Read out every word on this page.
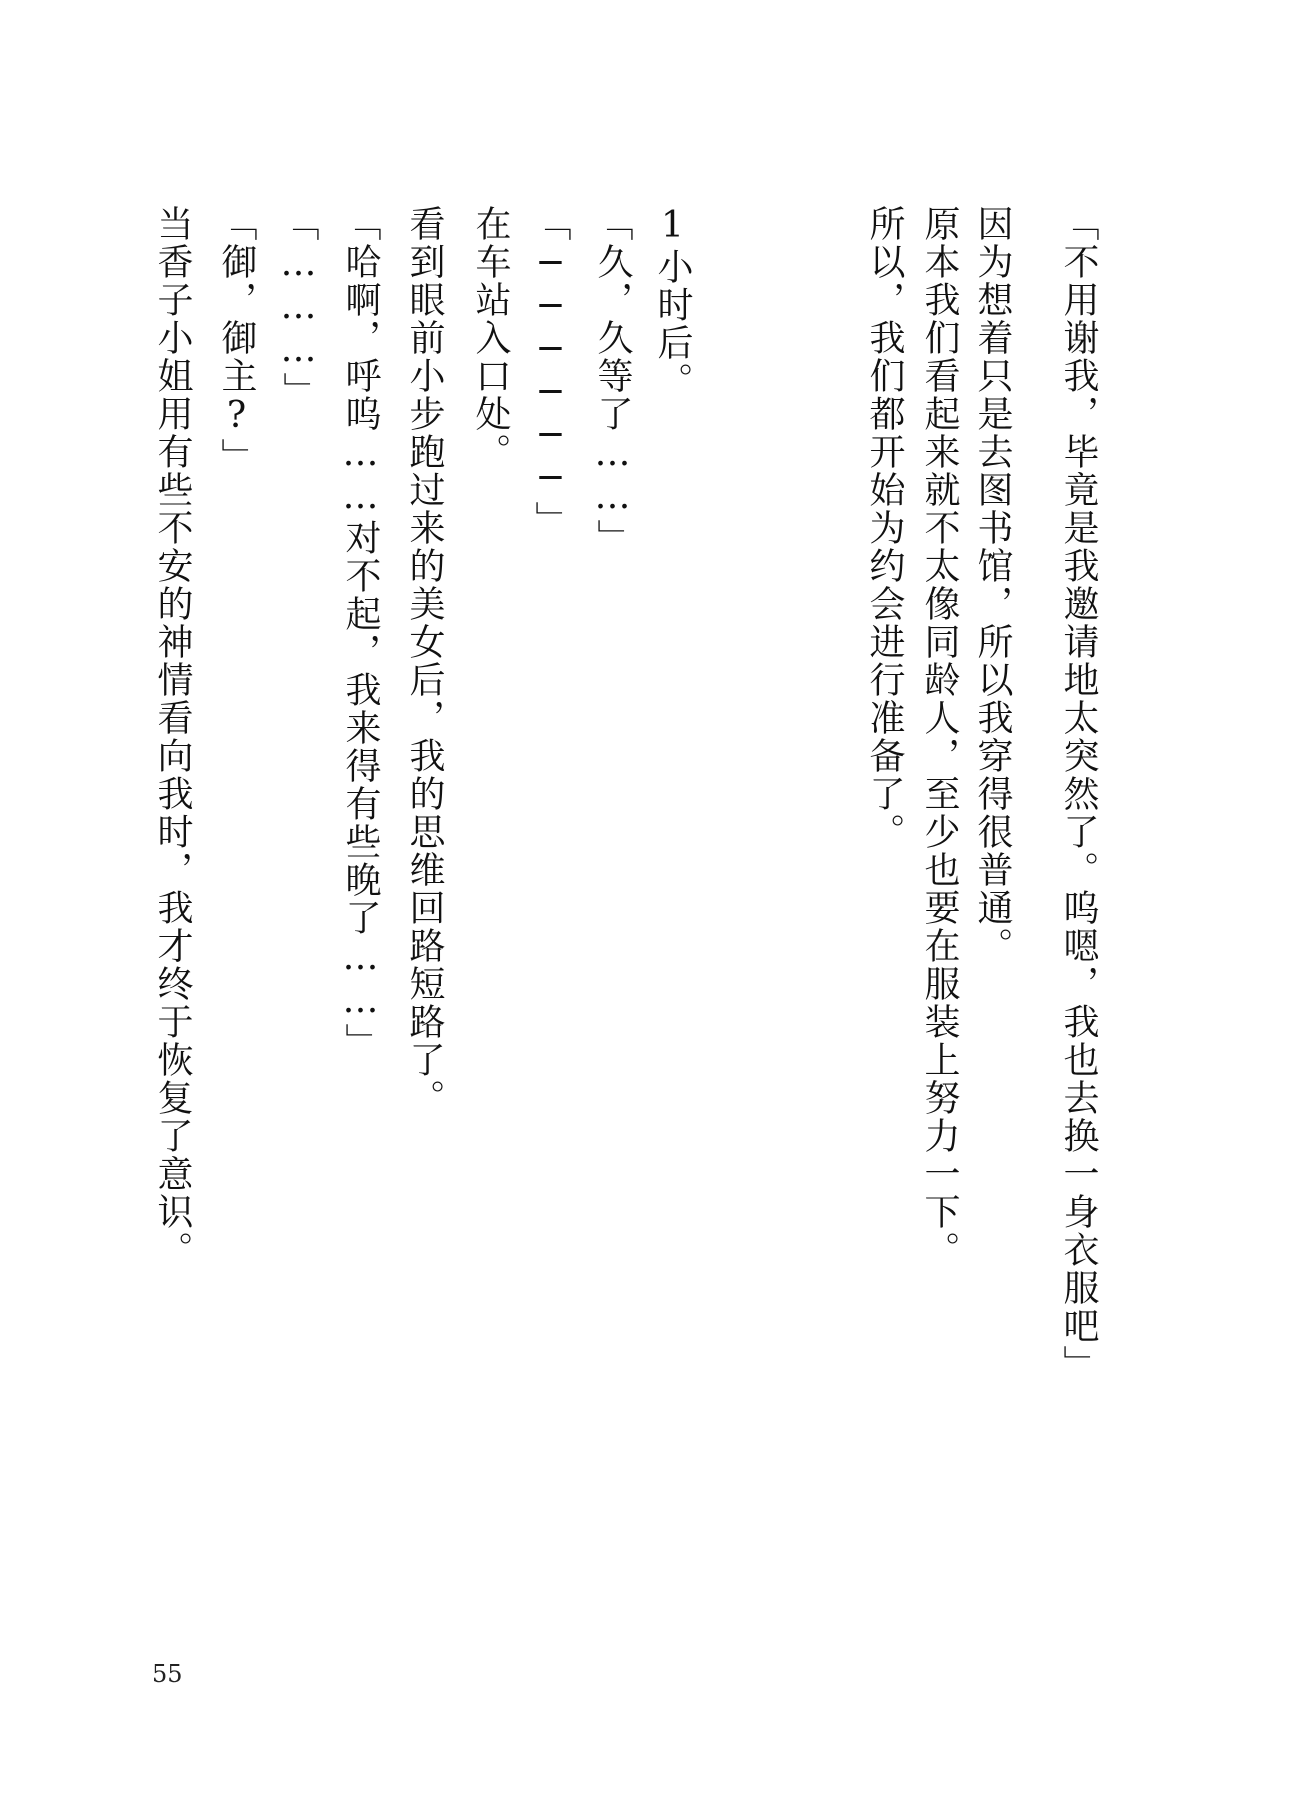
「不用谢我，毕竟是我邀请地太突然了。呜嗯，我也去换一身衣服吧」
因为想着只是去图书馆，所以我穿得很普通。
原本我们看起来就不太像同龄人，至少也要在服装上努力一下。
所以，我们都开始为约会进行准备了。
1小时后。
「久，久等了……」
「──────」
在车站入口处。
看到眼前小步跑过来的美女后，我的思维回路短路了。
「哈啊，呼呜……对不起，我来得有些晚了……」
「………」
「御，御主?」
当香子小姐用有些不安的神情看向我时，我才终于恢复了意识。
55
